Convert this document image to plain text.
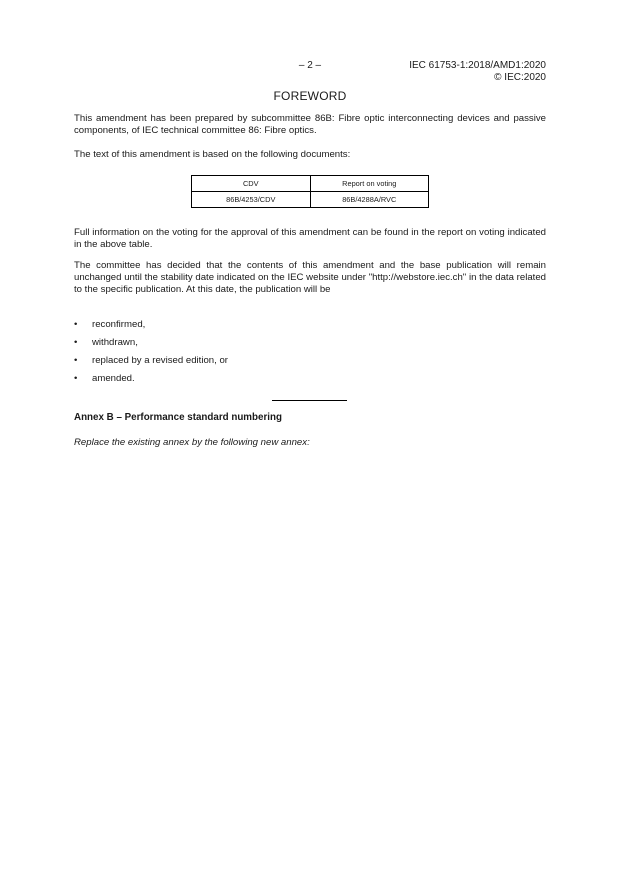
– 2 –	IEC 61753-1:2018/AMD1:2020
© IEC:2020
FOREWORD
This amendment has been prepared by subcommittee 86B: Fibre optic interconnecting devices and passive components, of IEC technical committee 86: Fibre optics.
The text of this amendment is based on the following documents:
CDV	Report on voting
86B/4253/CDV	86B/4288A/RVC
Full information on the voting for the approval of this amendment can be found in the report on voting indicated in the above table.
The committee has decided that the contents of this amendment and the base publication will remain unchanged until the stability date indicated on the IEC website under "http://webstore.iec.ch" in the data related to the specific publication. At this date, the publication will be
•	reconfirmed,
•	withdrawn,
•	replaced by a revised edition, or
•	amended.
Annex B – Performance standard numbering
Replace the existing annex by the following new annex:
